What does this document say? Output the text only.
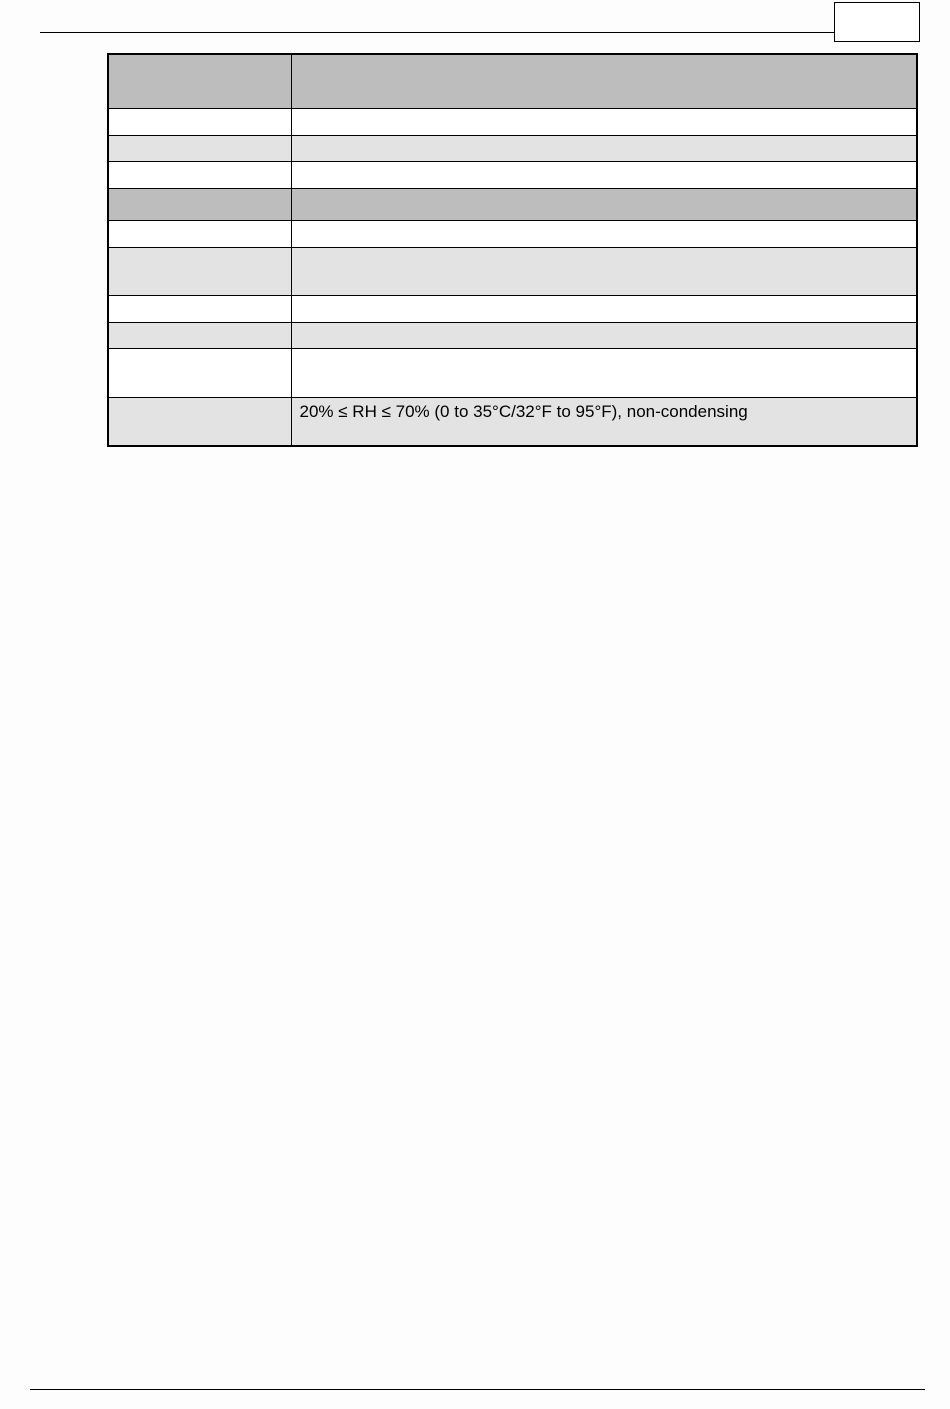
	20% ≤ RH ≤ 70% (0 to 35°C/32°F to 95°F), non-condensing
